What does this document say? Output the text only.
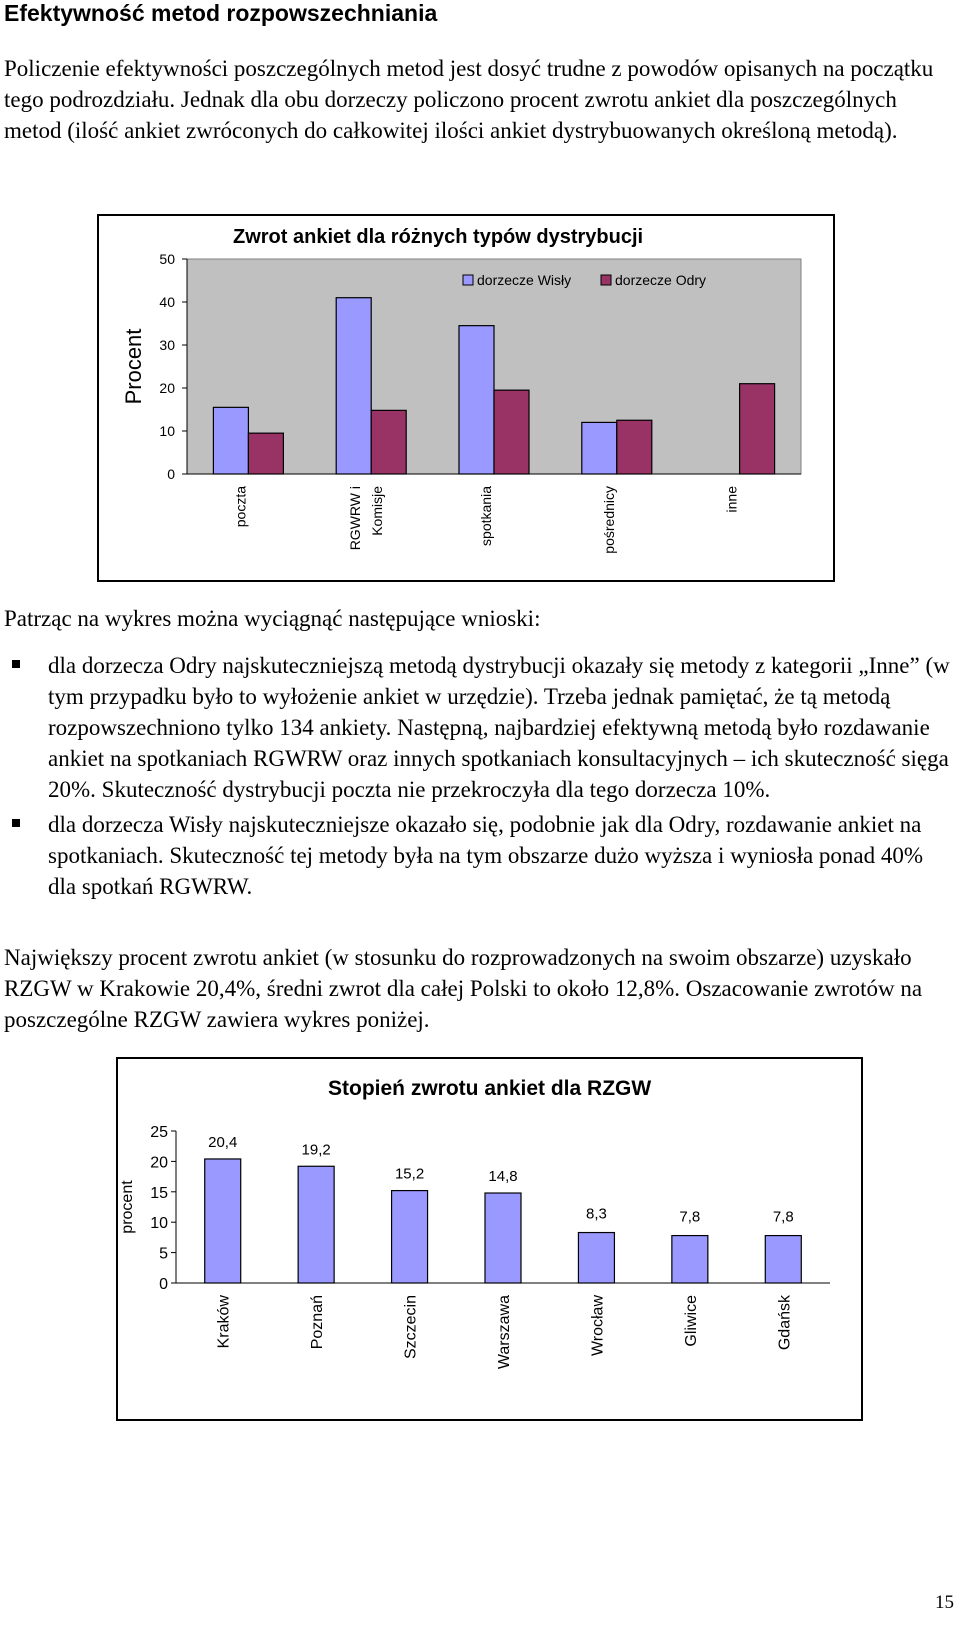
Efektywność metod rozpowszechniania

Policzenie efektywności poszczególnych metod jest dosyć trudne z powodów opisanych na początku tego podrozdziału. Jednak dla obu dorzeczy policzono procent zwrotu ankiet dla poszczególnych metod (ilość ankiet zwróconych do całkowitej ilości ankiet dystrybuowanych określoną metodą).

Zwrot ankiet dla różnych typów dystrybucji
Procent
0
10
20
30
40
50
poczta	RGWRW i Komisje	spotkania	pośrednicy	inne
dorzecze Wisły	dorzecze Odry

Patrząc na wykres można wyciągnąć następujące wnioski:

dla dorzecza Odry najskuteczniejszą metodą dystrybucji okazały się metody z kategorii „Inne” (w tym przypadku było to wyłożenie ankiet w urzędzie). Trzeba jednak pamiętać, że tą metodą rozpowszechniono tylko 134 ankiety. Następną, najbardziej efektywną metodą było rozdawanie ankiet na spotkaniach RGWRW oraz innych spotkaniach konsultacyjnych – ich skuteczność sięga 20%. Skuteczność dystrybucji poczta nie przekroczyła dla tego dorzecza 10%.
dla dorzecza Wisły najskuteczniejsze okazało się, podobnie jak dla Odry, rozdawanie ankiet na spotkaniach. Skuteczność tej metody była na tym obszarze dużo wyższa i wyniosła ponad 40% dla spotkań RGWRW.

Największy procent zwrotu ankiet (w stosunku do rozprowadzonych na swoim obszarze) uzyskało RZGW w Krakowie 20,4%, średni zwrot dla całej Polski to około 12,8%. Oszacowanie zwrotów na poszczególne RZGW zawiera wykres poniżej.

Stopień zwrotu ankiet dla RZGW
procent
0
5
10
15
20
25
20,4
Kraków
19,2
Poznań
15,2
Szczecin
14,8
Warszawa
8,3
Wrocław
7,8
Gliwice
7,8
Gdańsk
15
